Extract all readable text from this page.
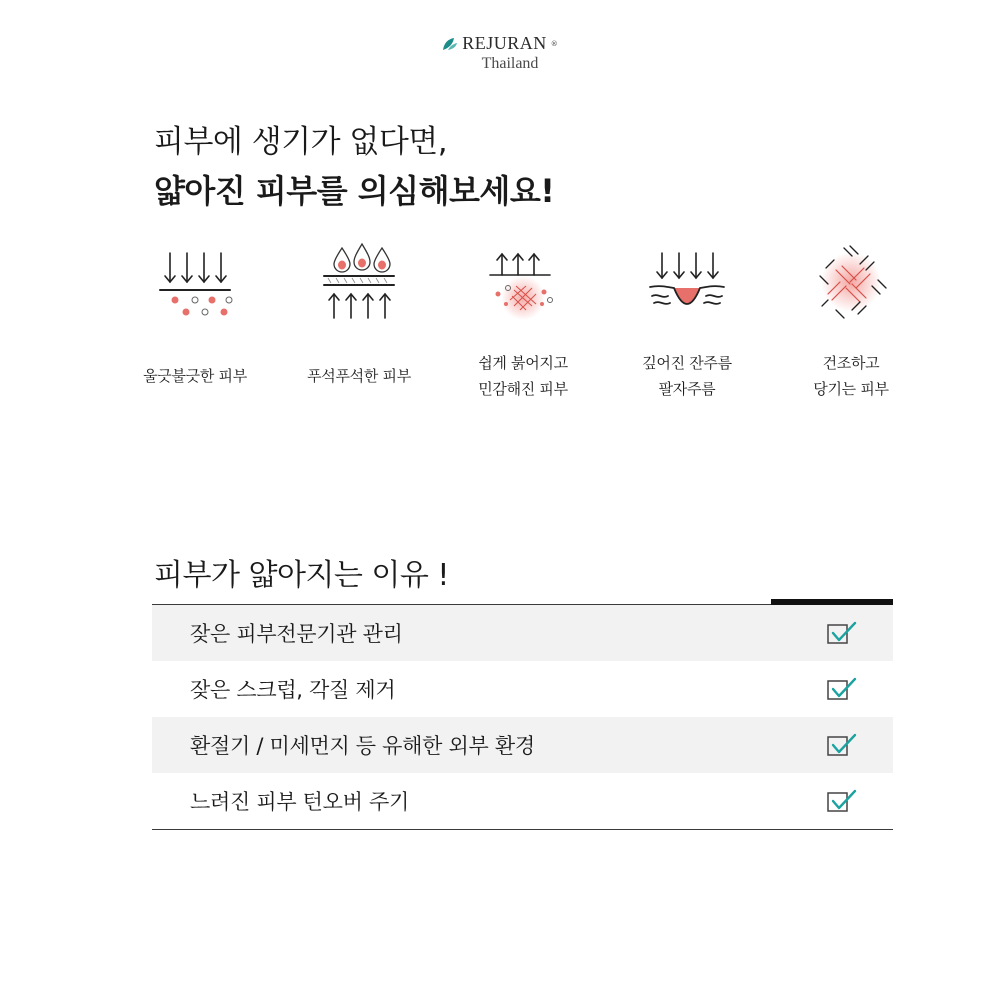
REJURAN ®
Thailand
피부에 생기가 없다면,
얇아진 피부를 의심해보세요!
울긋불긋한 피부	푸석푸석한 피부
쉽게 붉어지고
민감해진 피부
깊어진 잔주름
팔자주름
건조하고
당기는 피부
피부가 얇아지는 이유 !
잦은 피부전문기관 관리
잦은 스크럽, 각질 제거
환절기 / 미세먼지 등 유해한 외부 환경
느려진 피부 턴오버 주기
